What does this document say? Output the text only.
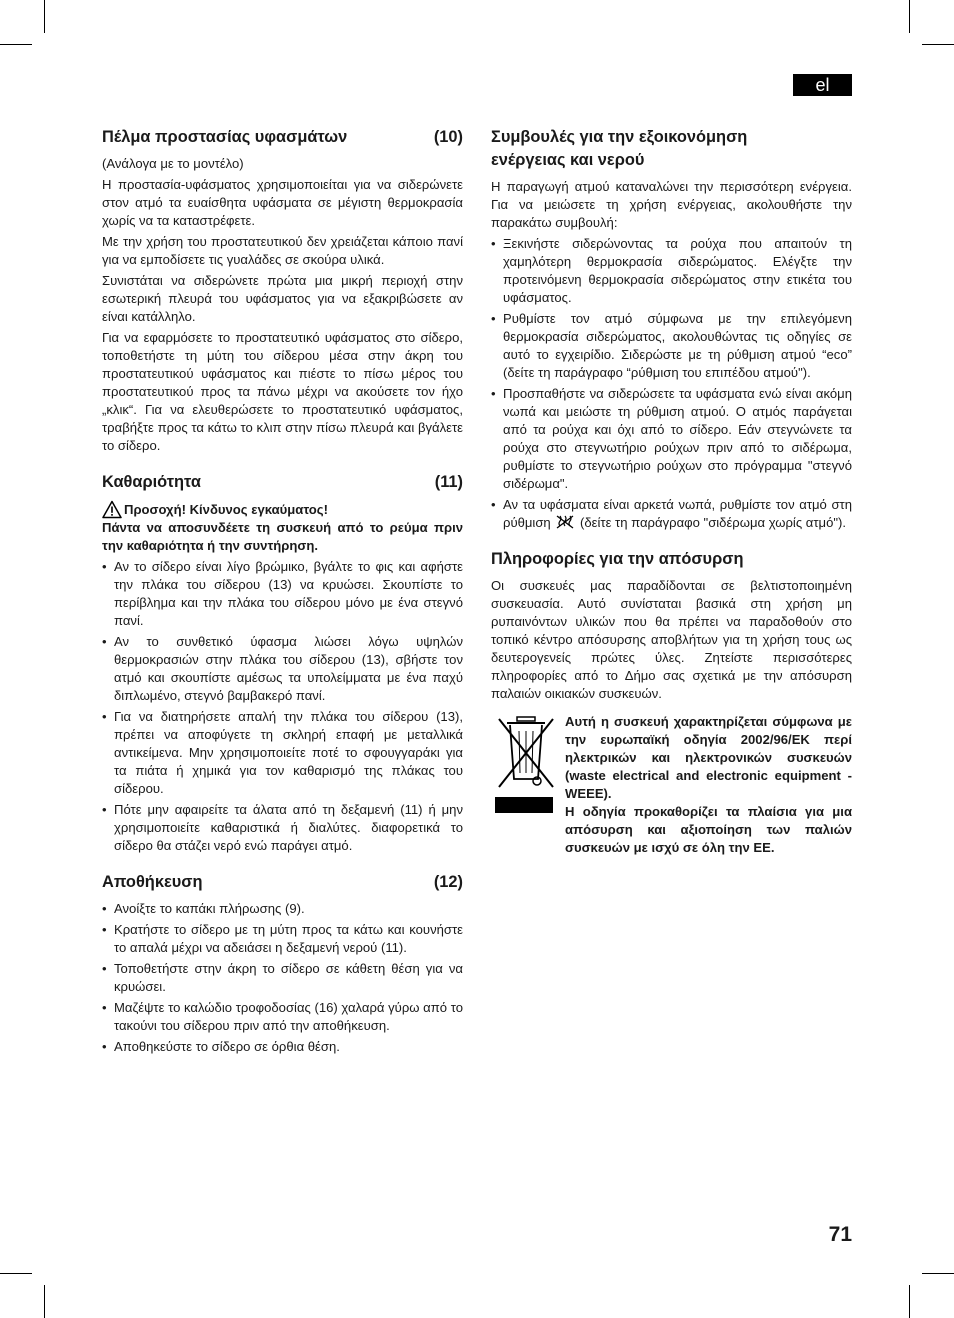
el
Πέλμα προστασίας υφασμάτων	(10)

(Ανάλογα με το μοντέλο)

Η προστασία-υφάσματος χρησιμοποιείται για να σιδερώνετε στον ατμό τα ευαίσθητα υφάσματα σε μέγιστη θερμοκρασία χωρίς να τα καταστρέφετε.

Με την χρήση του προστατευτικού δεν χρειάζεται κάποιο πανί για να εμποδίσετε τις γυαλάδες σε σκούρα υλικά.

Συνιστάται να σιδερώνετε πρώτα μια μικρή περιοχή στην εσωτερική πλευρά του υφάσματος για να εξακριβώσετε αν είναι κατάλληλο.

Για να εφαρμόσετε το προστατευτικό υφάσματος στο σίδερο, τοποθετήστε τη μύτη του σίδερου μέσα στην άκρη του προστατευτικού υφάσματος και πιέστε το πίσω μέρος του προστατευτικού προς τα πάνω μέχρι να ακούσετε τον ήχο „κλικ“. Για να ελευθερώσετε το προστατευτικό υφάσματος, τραβήξτε προς τα κάτω το κλιπ στην πίσω πλευρά και βγάλετε το σίδερο.

Καθαριότητα	(11)
Προσοχή! Κίνδυνος εγκαύματος!

Πάντα να αποσυνδέετε τη συσκευή από το ρεύμα πριν την καθαριότητα ή την συντήρηση.

• Αν το σίδερο είναι λίγο βρώμικο, βγάλτε το φις και αφήστε την πλάκα του σίδερου (13) να κρυώσει. Σκουπίστε το περίβλημα και την πλάκα του σίδερου μόνο με ένα στεγνό πανί.
• Αν το συνθετικό ύφασμα λιώσει λόγω υψηλών θερμοκρασιών στην πλάκα του σίδερου (13), σβήστε τον ατμό και σκουπίστε αμέσως τα υπολείμματα με ένα παχύ διπλωμένο, στεγνό βαμβακερό πανί.
• Για να διατηρήσετε απαλή την πλάκα του σίδερου (13), πρέπει να αποφύγετε τη σκληρή επαφή με μεταλλικά αντικείμενα. Μην χρησιμοποιείτε ποτέ το σφουγγαράκι για τα πιάτα ή χημικά για τον καθαρισμό της πλάκας του σίδερου.
• Πότε μην αφαιρείτε τα άλατα από τη δεξαμενή (11) ή μην χρησιμοποιείτε καθαριστικά ή διαλύτες. διαφορετικά το σίδερο θα στάζει νερό ενώ παράγει ατμό.
Αποθήκευση	(12)
• Ανοίξτε το καπάκι πλήρωσης (9).
• Κρατήστε το σίδερο με τη μύτη προς τα κάτω και κουνήστε το απαλά μέχρι να αδειάσει η δεξαμενή νερού (11).
• Τοποθετήστε στην άκρη το σίδερο σε κάθετη θέση για να κρυώσει.
• Μαζέψτε το καλώδιο τροφοδοσίας (16) χαλαρά γύρω από το τακούνι του σίδερου πριν από την αποθήκευση.
• Αποθηκεύστε το σίδερο σε όρθια θέση.
Συμβουλές για την εξοικονόμηση
ενέργειας και νερού

Η παραγωγή ατμού καταναλώνει την περισσότερη ενέργεια. Για να μειώσετε τη χρήση ενέργειας, ακολουθήστε την παρακάτω συμβουλή:

• Ξεκινήστε σιδερώνοντας τα ρούχα που απαιτούν τη χαμηλότερη θερμοκρασία σιδερώματος. Ελέγξτε την προτεινόμενη θερμοκρασία σιδερώματος στην ετικέτα του υφάσματος.
• Ρυθμίστε τον ατμό σύμφωνα με την επιλεγόμενη θερμοκρασία σιδερώματος, ακολουθώντας τις οδηγίες σε αυτό το εγχειρίδιο. Σιδερώστε με τη ρύθμιση ατμού “eco” (δείτε τη παράγραφο “ρύθμιση του επιπέδου ατμού").
• Προσπαθήστε να σιδερώσετε τα υφάσματα ενώ είναι ακόμη νωπά και μειώστε τη ρύθμιση ατμού. Ο ατμός παράγεται από τα ρούχα και όχι από το σίδερο. Εάν στεγνώνετε τα ρούχα στο στεγνωτήριο ρούχων πριν από το σιδέρωμα, ρυθμίστε το στεγνωτήριο ρούχων στο πρόγραμμα "στεγνό σιδέρωμα".
• Αν τα υφάσματα είναι αρκετά νωπά, ρυθμίστε τον ατμό στη ρύθμιση (δείτε τη παράγραφο "σιδέρωμα χωρίς ατμό").
Πληροφορίες για την απόσυρση

Οι συσκευές μας παραδίδονται σε βελτιστοποιημένη συσκευασία. Αυτό συνίσταται βασικά στη χρήση μη ρυπαινόντων υλικών που θα πρέπει να παραδοθούν στο τοπικό κέντρο απόσυρσης αποβλήτων για τη χρήση τους ως δευτερογενείς πρώτες ύλες. Ζητείστε περισσότερες πληροφορίες από το Δήμο σας σχετικά με την απόσυρση παλαιών οικιακών συσκευών.

Αυτή η συσκευή χαρακτηρίζεται σύμφωνα με την ευρωπαϊκή οδηγία 2002/96/ΕΚ περί ηλεκτρικών και ηλεκτρονικών συσκευών (waste electrical and electronic equipment - WEEE).

Η οδηγία προκαθορίζει τα πλαίσια για μια απόσυρση και αξιοποίηση των παλιών συσκευών με ισχύ σε όλη την ΕΕ.

71
